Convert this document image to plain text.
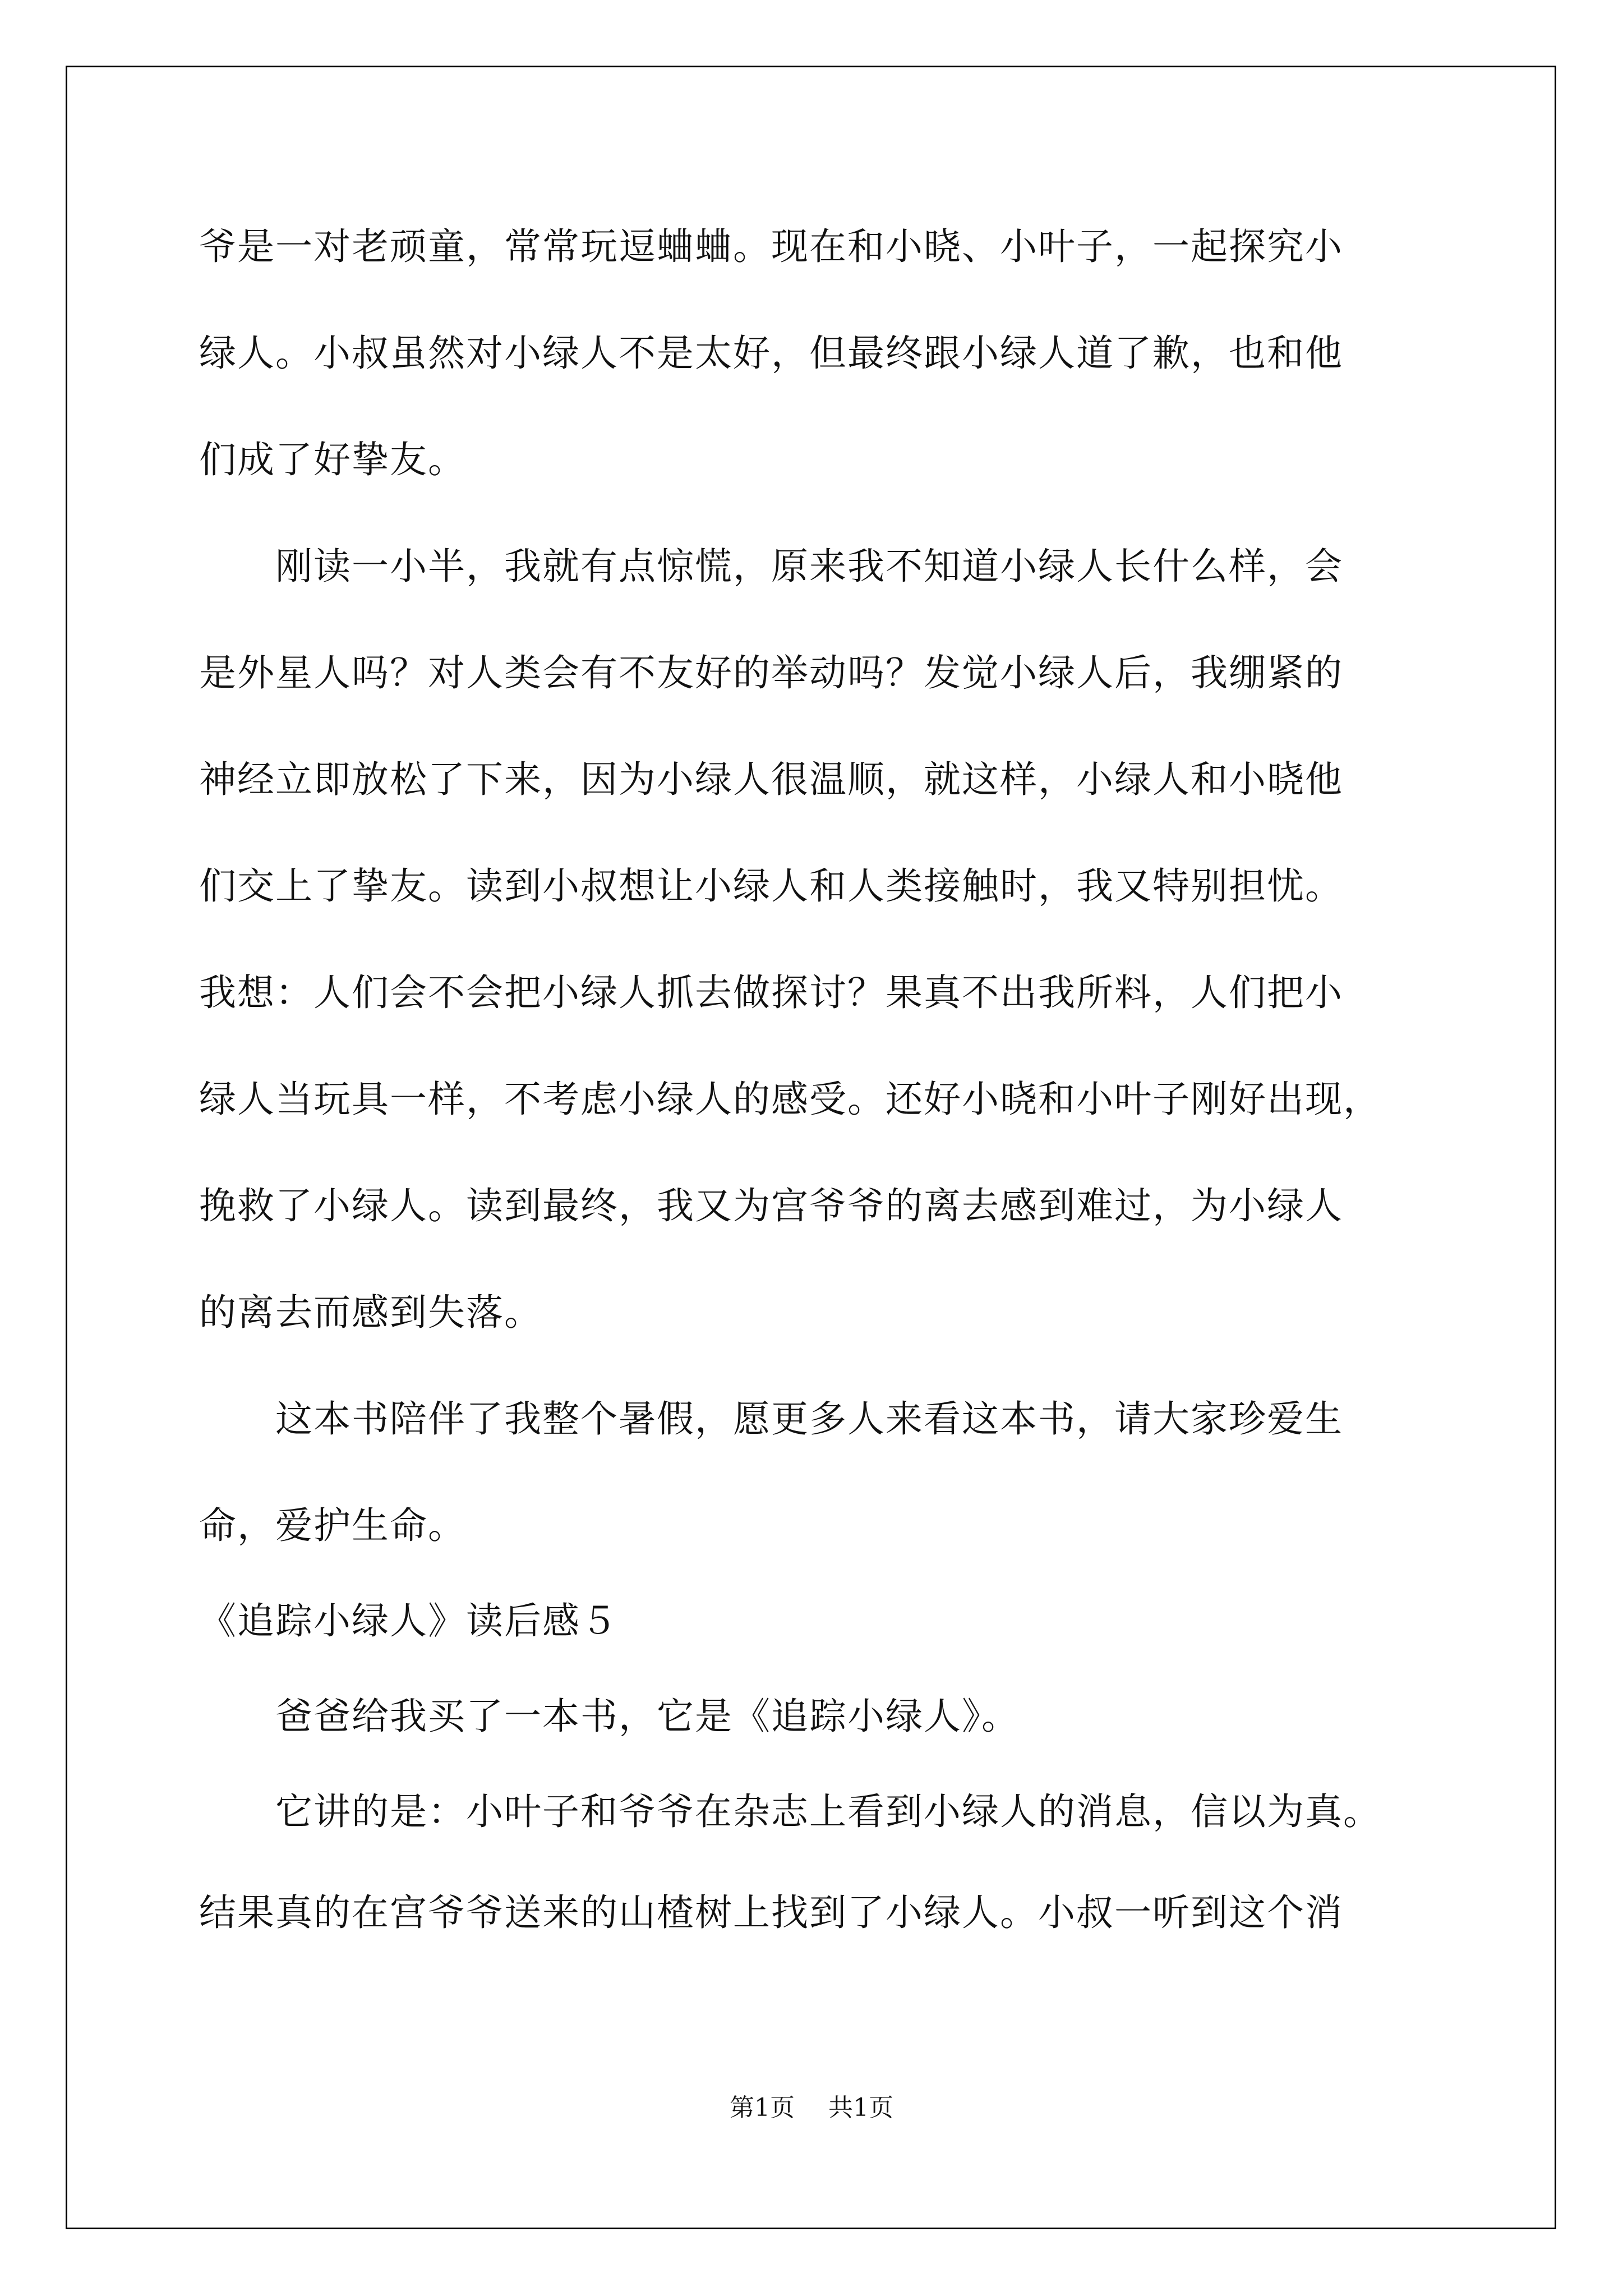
爷是一对老顽童，常常玩逗蛐蛐。现在和小晓、小叶子，一起探究小
绿人。小叔虽然对小绿人不是太好，但最终跟小绿人道了歉，也和他
们成了好挚友。
　　刚读一小半，我就有点惊慌，原来我不知道小绿人长什么样，会
是外星人吗？对人类会有不友好的举动吗？发觉小绿人后，我绷紧的
神经立即放松了下来，因为小绿人很温顺，就这样，小绿人和小晓他
们交上了挚友。读到小叔想让小绿人和人类接触时，我又特别担忧。
我想：人们会不会把小绿人抓去做探讨？果真不出我所料，人们把小
绿人当玩具一样，不考虑小绿人的感受。还好小晓和小叶子刚好出现，
挽救了小绿人。读到最终，我又为宫爷爷的离去感到难过，为小绿人
的离去而感到失落。
　　这本书陪伴了我整个暑假，愿更多人来看这本书，请大家珍爱生
命，爱护生命。
《追踪小绿人》读后感５
　　爸爸给我买了一本书，它是《追踪小绿人》。
　　它讲的是：小叶子和爷爷在杂志上看到小绿人的消息，信以为真。
结果真的在宫爷爷送来的山楂树上找到了小绿人。小叔一听到这个消
第1页 共1页
